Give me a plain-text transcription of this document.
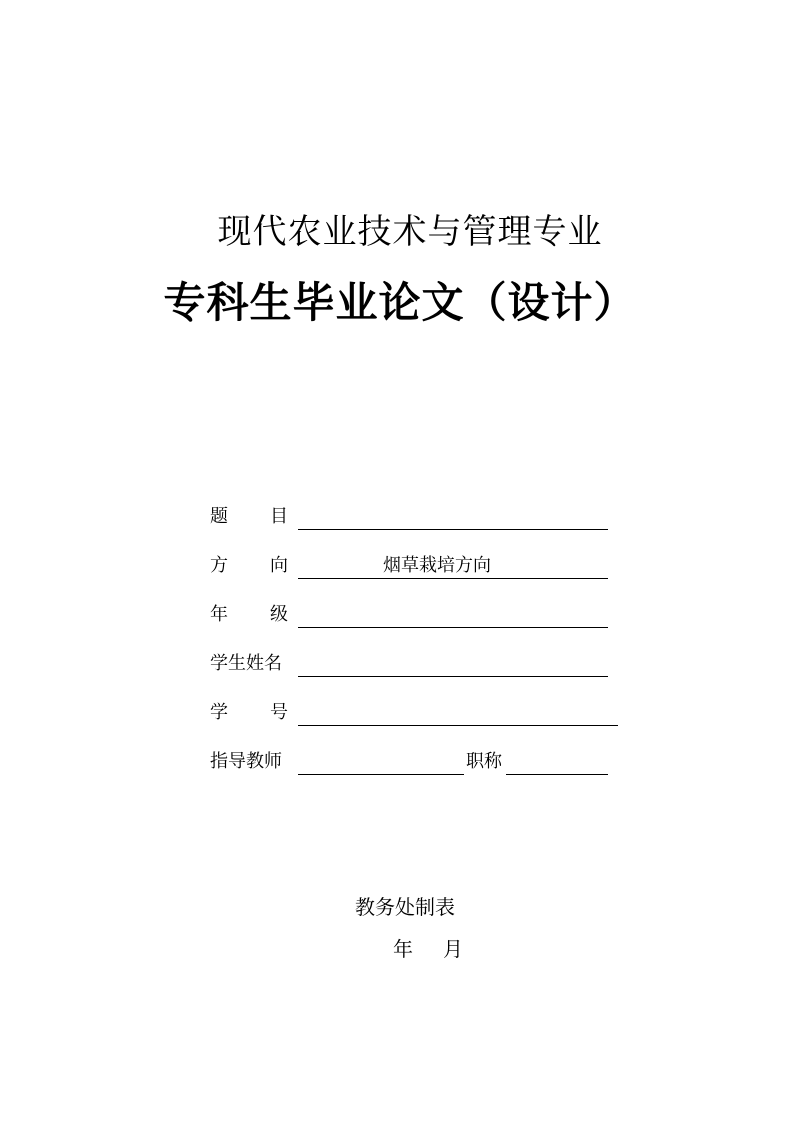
现代农业技术与管理专业
专科生毕业论文（设计）
题 目
方 向	烟草栽培方向
年 级
学生姓名
学 号
指导教师	职称
教务处制表
年 月
